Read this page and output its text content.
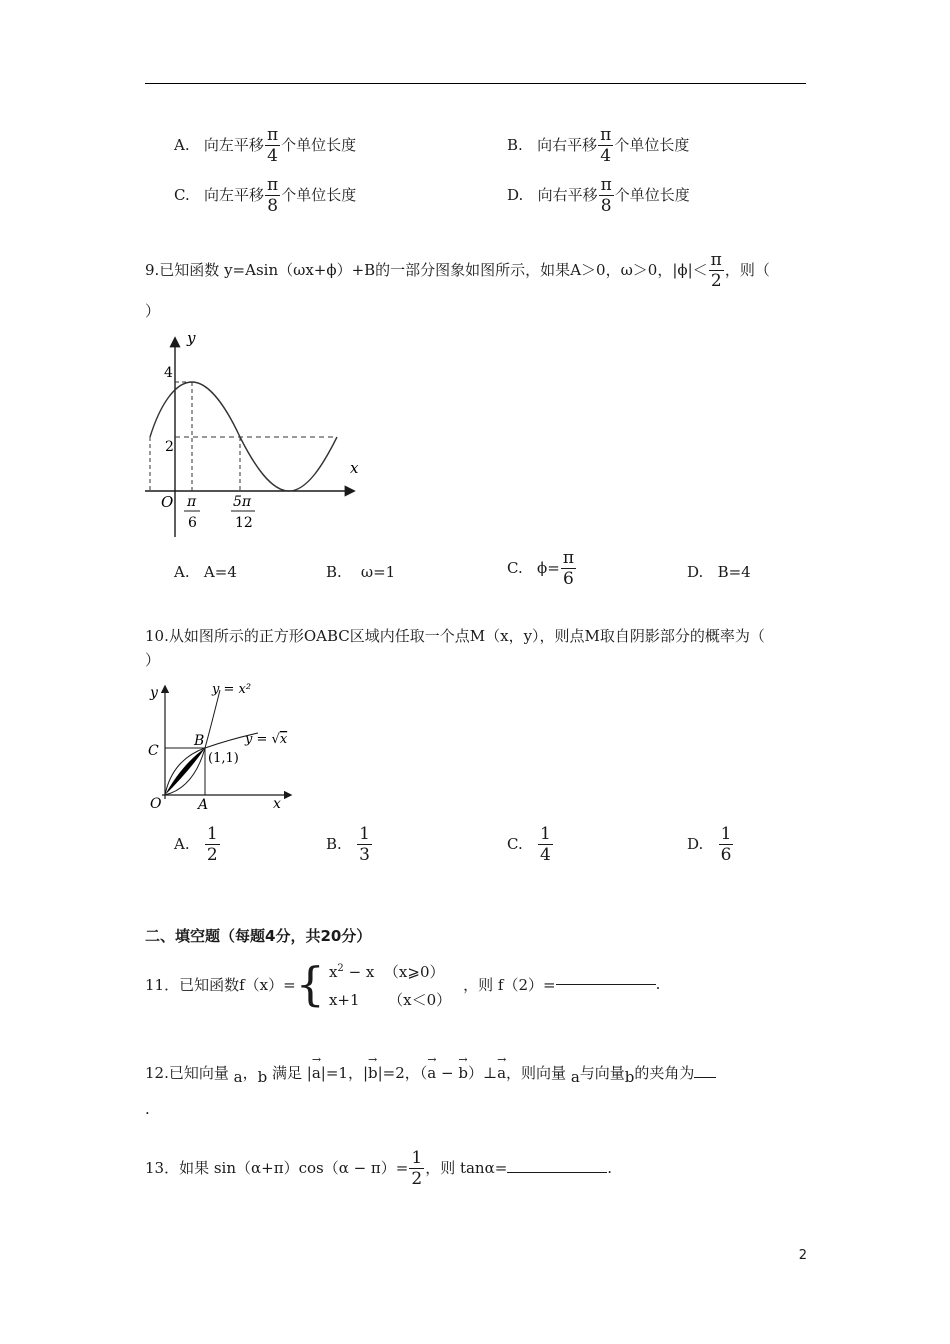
A. 向左平移 $\frac{\pi}{4}$ 个单位长度	B. 向右平移 $\frac{\pi}{4}$ 个单位长度
C. 向左平移 $\frac{\pi}{8}$ 个单位长度	D. 向右平移 $\frac{\pi}{8}$ 个单位长度
9.已知函数 y=Asin（ωx+ϕ）+B的一部分图象如图所示，如果A＞0，ω＞0，$|\phi|< \frac{\pi}{2}$ ，则（
）
y
x
O
4
2
π
6
5π
12
A. A=4	B. ω=1	C. $\phi= \frac{\pi}{6}$	D. B=4
10.从如图所示的正方形OABC区域内任取一个点M（x，y），则点M取自阴影部分的概率为（
）
y
x
O	A
C
B
(1,1)
y = x²
y = √x
A. $\frac{1}{2}$	B. $\frac{1}{3}$	C. $\frac{1}{4}$	D. $\frac{1}{6}$
二、填空题（每题4分，共20分）
11．已知函数f（x）= { $x^2 - x$ （x⩾0）
x+1 （x＜0）
，则 f（2）=	.
12.已知向量 $_a$，$_b$ 满足 |→ a|=1，|→ b|=2，（→ a − → b）⊥→ a，则向量 $_a$与向量$_b$的夹角为
.
13．如果 $\sin(\alpha+\pi)\cos(\alpha - \pi)= \frac{1}{2}$ ，则 tanα=	.
2
